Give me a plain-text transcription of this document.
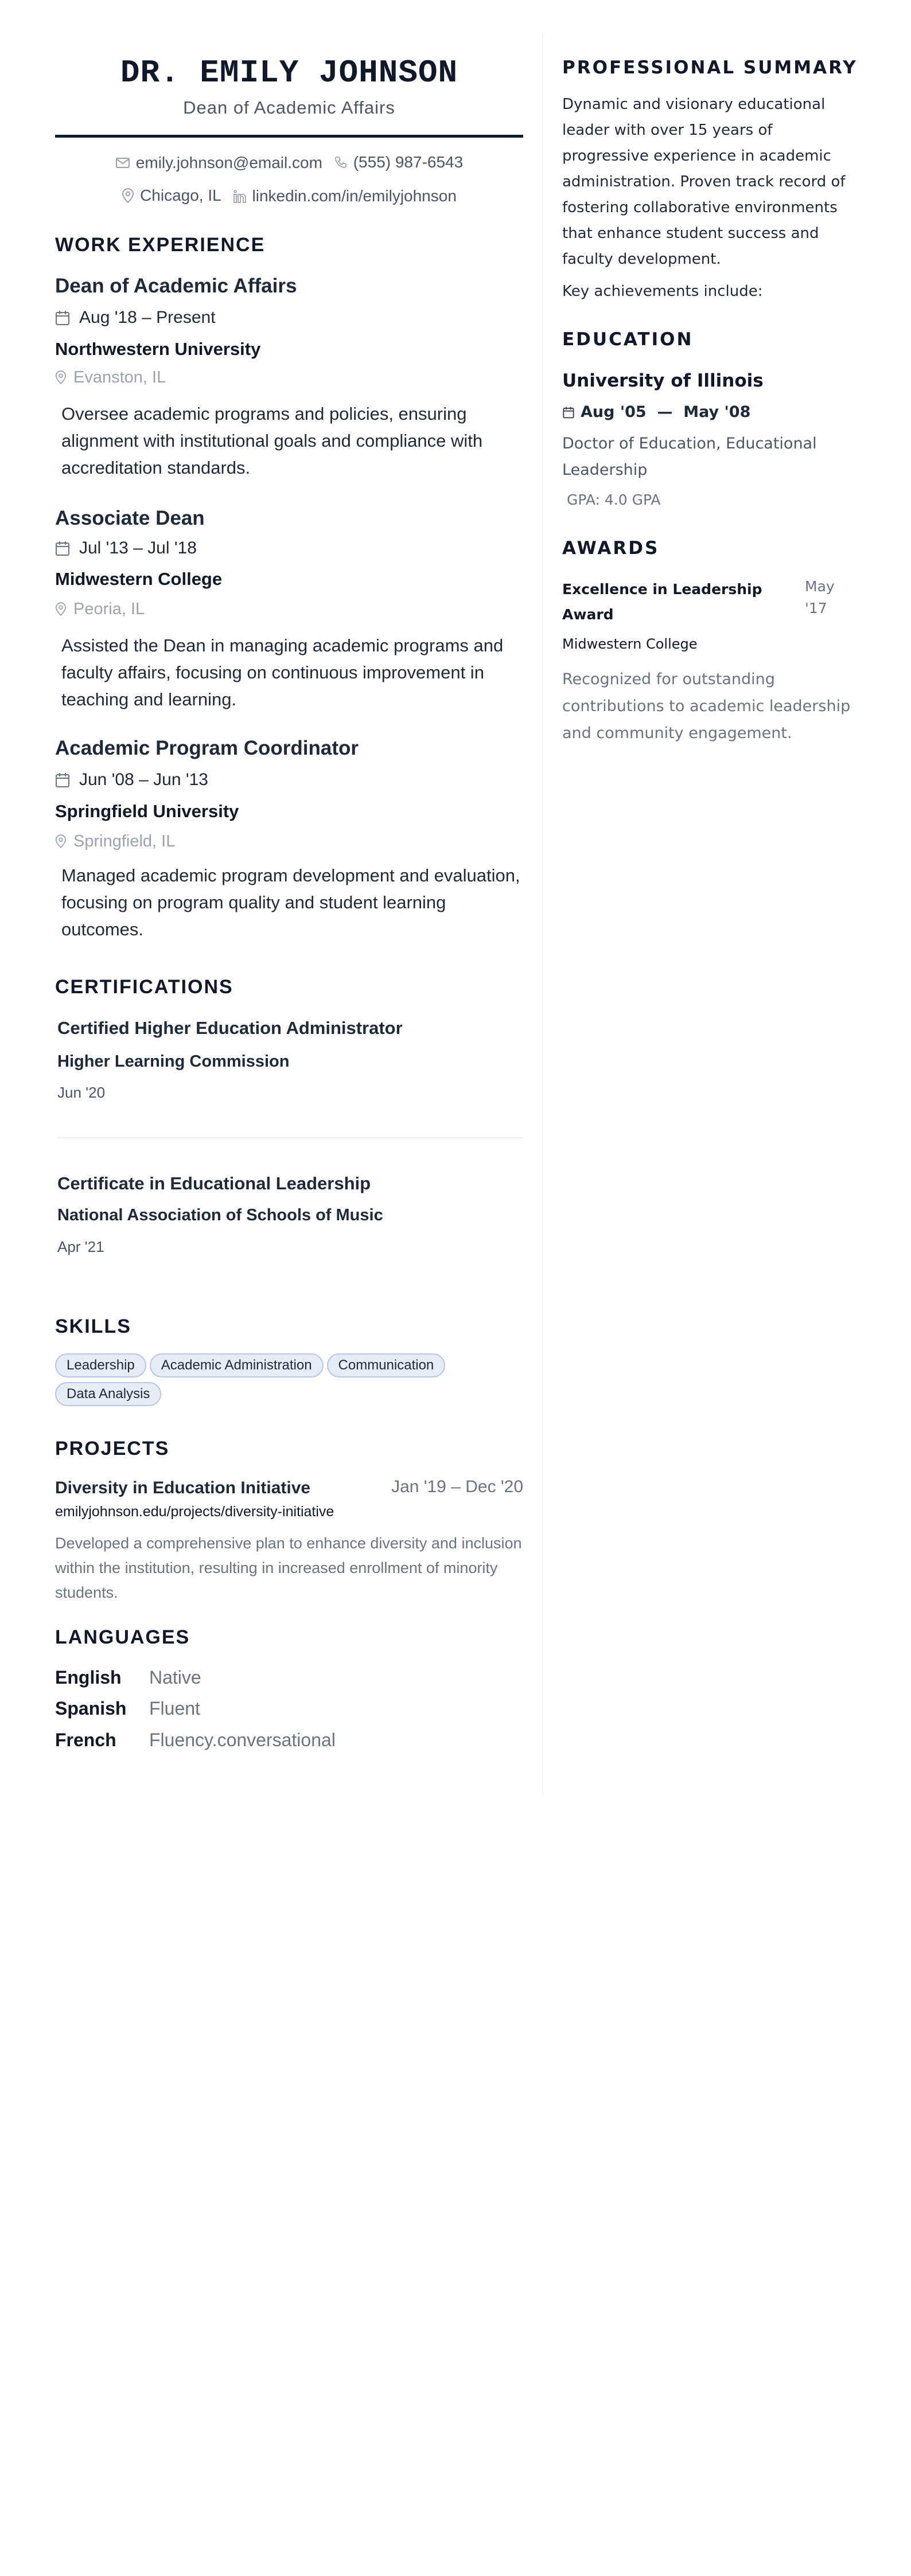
DR. EMILY JOHNSON
Dean of Academic Affairs
emily.johnson@email.com
(555) 987-6543
Chicago, IL
linkedin.com/in/emilyjohnson
WORK EXPERIENCE
Dean of Academic Affairs
Aug '18 – Present
Northwestern University
Evanston, IL
Oversee academic programs and policies, ensuring alignment with institutional goals and compliance with accreditation standards.
Associate Dean
Jul '13 – Jul '18
Midwestern College
Peoria, IL
Assisted the Dean in managing academic programs and faculty affairs, focusing on continuous improvement in teaching and learning.
Academic Program Coordinator
Jun '08 – Jun '13
Springfield University
Springfield, IL
Managed academic program development and evaluation, focusing on program quality and student learning outcomes.
CERTIFICATIONS
Certified Higher Education Administrator
Higher Learning Commission
Jun '20
Certificate in Educational Leadership
National Association of Schools of Music
Apr '21
SKILLS
Leadership Academic Administration Communication
Data Analysis
PROJECTS
Diversity in Education Initiative	Jan '19 – Dec '20
emilyjohnson.edu/projects/diversity-initiative
Developed a comprehensive plan to enhance diversity and inclusion within the institution, resulting in increased enrollment of minority students.
LANGUAGES
English Native
Spanish Fluent
French Fluency.conversational
PROFESSIONAL SUMMARY
Dynamic and visionary educational leader with over 15 years of progressive experience in academic administration. Proven track record of fostering collaborative environments that enhance student success and faculty development.
Key achievements include:
EDUCATION
University of Illinois
Aug '05  —  May '08
Doctor of Education, Educational Leadership
GPA: 4.0 GPA
AWARDS
Excellence in Leadership Award
May '17
Midwestern College
Recognized for outstanding contributions to academic leadership and community engagement.
